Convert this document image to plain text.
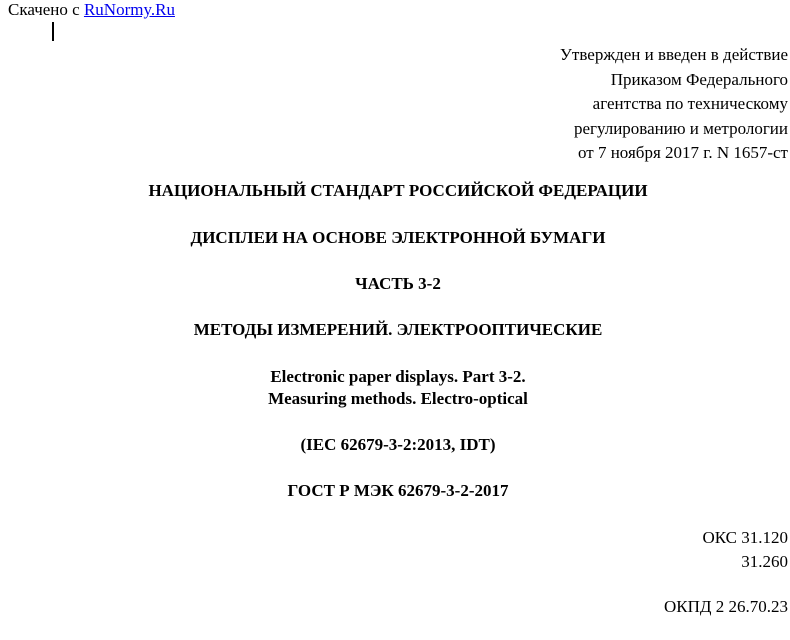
Скачено с RuNormy.Ru
Утвержден и введен в действие
Приказом Федерального
агентства по техническому
регулированию и метрологии
от 7 ноября 2017 г. N 1657-ст
НАЦИОНАЛЬНЫЙ СТАНДАРТ РОССИЙСКОЙ ФЕДЕРАЦИИ
ДИСПЛЕИ НА ОСНОВЕ ЭЛЕКТРОННОЙ БУМАГИ
ЧАСТЬ 3-2
МЕТОДЫ ИЗМЕРЕНИЙ. ЭЛЕКТРООПТИЧЕСКИЕ
Electronic paper displays. Part 3-2.
Measuring methods. Electro-optical
(IEC 62679-3-2:2013, IDT)
ГОСТ Р МЭК 62679-3-2-2017
ОКС 31.120
31.260
ОКПД 2 26.70.23
